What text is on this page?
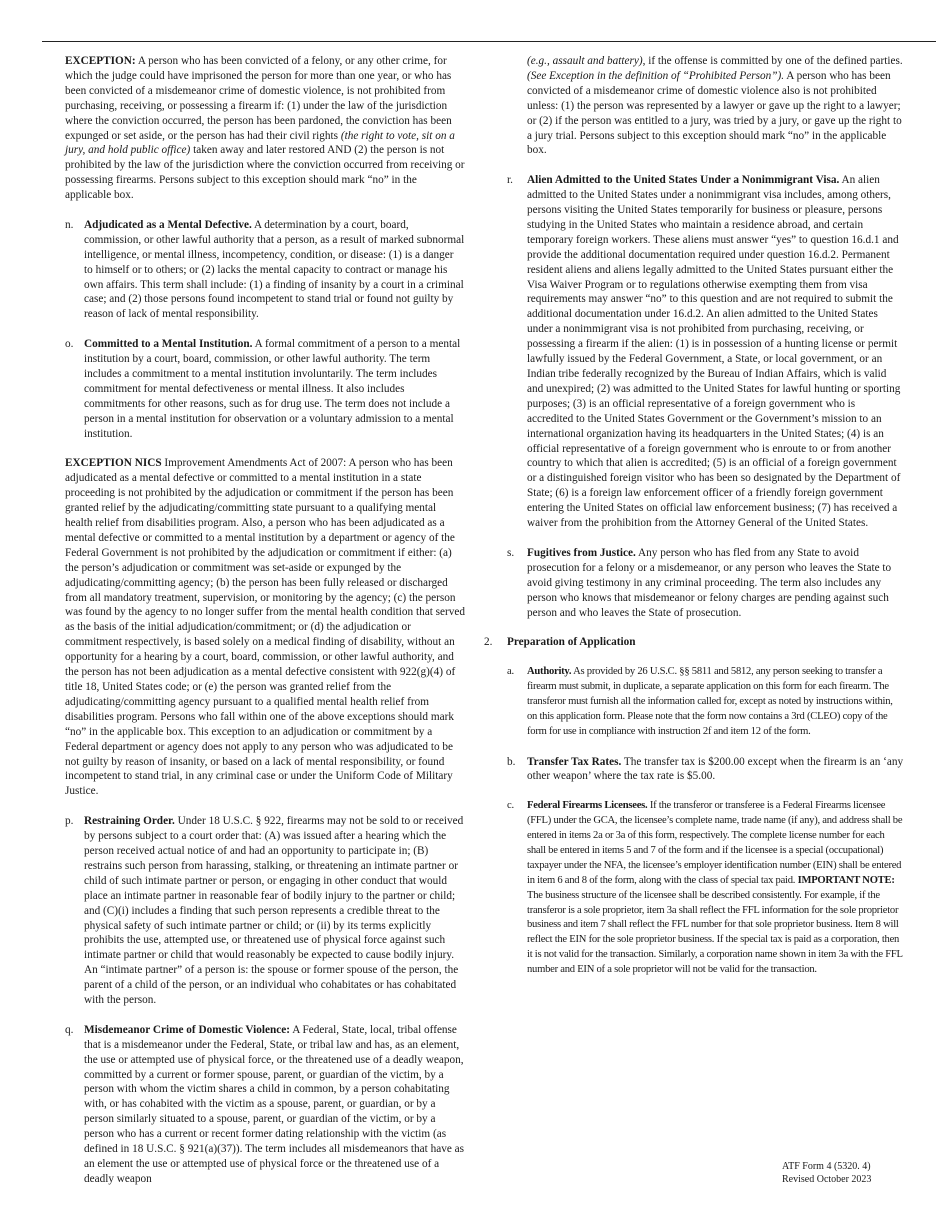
EXCEPTION: A person who has been convicted of a felony, or any other crime, for which the judge could have imprisoned the person for more than one year, or who has been convicted of a misdemeanor crime of domestic violence, is not prohibited from purchasing, receiving, or possessing a firearm if: (1) under the law of the jurisdiction where the conviction occurred, the person has been pardoned, the conviction has been expunged or set aside, or the person has had their civil rights (the right to vote, sit on a jury, and hold public office) taken away and later restored AND (2) the person is not prohibited by the law of the jurisdiction where the conviction occurred from receiving or possessing firearms. Persons subject to this exception should mark “no” in the applicable box.

n. Adjudicated as a Mental Defective. A determination by a court, board, commission, or other lawful authority that a person, as a result of marked subnormal intelligence, or mental illness, incompetency, condition, or disease: (1) is a danger to himself or to others; or (2) lacks the mental capacity to contract or manage his own affairs. This term shall include: (1) a finding of insanity by a court in a criminal case; and (2) those persons found incompetent to stand trial or found not guilty by reason of lack of mental responsibility.

o. Committed to a Mental Institution. A formal commitment of a person to a mental institution by a court, board, commission, or other lawful authority. The term includes a commitment to a mental institution involuntarily. The term includes commitment for mental defectiveness or mental illness. It also includes commitments for other reasons, such as for drug use. The term does not include a person in a mental institution for observation or a voluntary admission to a mental institution.

EXCEPTION NICS Improvement Amendments Act of 2007: A person who has been adjudicated as a mental defective or committed to a mental institution in a state proceeding is not prohibited by the adjudication or commitment if the person has been granted relief by the adjudicating/committing state pursuant to a qualifying mental health relief from disabilities program. Also, a person who has been adjudicated as a mental defective or committed to a mental institution by a department or agency of the Federal Government is not prohibited by the adjudication or commitment if either: (a) the person’s adjudication or commitment was set-aside or expunged by the adjudicating/committing agency; (b) the person has been fully released or discharged from all mandatory treatment, supervision, or monitoring by the agency; (c) the person was found by the agency to no longer suffer from the mental health condition that served as the basis of the initial adjudication/commitment; or (d) the adjudication or commitment respectively, is based solely on a medical finding of disability, without an opportunity for a hearing by a court, board, commission, or other lawful authority, and the person has not been adjudication as a mental defective consistent with 922(g)(4) of title 18, United States code; or (e) the person was granted relief from the adjudicating/committing agency pursuant to a qualified mental health relief from disabilities program. Persons who fall within one of the above exceptions should mark “no” in the applicable box. This exception to an adjudication or commitment by a Federal department or agency does not apply to any person who was adjudicated to be not guilty by reason of insanity, or based on a lack of mental responsibility, or found incompetent to stand trial, in any criminal case or under the Uniform Code of Military Justice.

p. Restraining Order. Under 18 U.S.C. § 922, firearms may not be sold to or received by persons subject to a court order that: (A) was issued after a hearing which the person received actual notice of and had an opportunity to participate in; (B) restrains such person from harassing, stalking, or threatening an intimate partner or child of such intimate partner or person, or engaging in other conduct that would place an intimate partner in reasonable fear of bodily injury to the partner or child; and (C)(i) includes a finding that such person represents a credible threat to the physical safety of such intimate partner or child; or (ii) by its terms explicitly prohibits the use, attempted use, or threatened use of physical force against such intimate partner or child that would reasonably be expected to cause bodily injury. An “intimate partner” of a person is: the spouse or former spouse of the person, the parent of a child of the person, or an individual who cohabitates or has cohabitated with the person.

q. Misdemeanor Crime of Domestic Violence: A Federal, State, local, tribal offense that is a misdemeanor under the Federal, State, or tribal law and has, as an element, the use or attempted use of physical force, or the threatened use of a deadly weapon, committed by a current or former spouse, parent, or guardian of the victim, by a person with whom the victim shares a child in common, by a person cohabitating with, or has cohabited with the victim as a spouse, parent, or guardian, or by a person similarly situated to a spouse, parent, or guardian of the victim, or by a person who has a current or recent former dating relationship with the victim (as defined in 18 U.S.C. § 921(a)(37)). The term includes all misdemeanors that have as an element the use or attempted use of physical force or the threatened use of a deadly weapon

(e.g., assault and battery), if the offense is committed by one of the defined parties. (See Exception in the definition of “Prohibited Person”). A person who has been convicted of a misdemeanor crime of domestic violence also is not prohibited unless: (1) the person was represented by a lawyer or gave up the right to a lawyer; or (2) if the person was entitled to a jury, was tried by a jury, or gave up the right to a jury trial. Persons subject to this exception should mark “no” in the applicable box.

r. Alien Admitted to the United States Under a Nonimmigrant Visa. An alien admitted to the United States under a nonimmigrant visa includes, among others, persons visiting the United States temporarily for business or pleasure, persons studying in the United States who maintain a residence abroad, and certain temporary foreign workers. These aliens must answer “yes” to question 16.d.1 and provide the additional documentation required under question 16.d.2. Permanent resident aliens and aliens legally admitted to the United States pursuant either the Visa Waiver Program or to regulations otherwise exempting them from visa requirements may answer “no” to this question and are not required to submit the additional documentation under 16.d.2. An alien admitted to the United States under a nonimmigrant visa is not prohibited from purchasing, receiving, or possessing a firearm if the alien: (1) is in possession of a hunting license or permit lawfully issued by the Federal Government, a State, or local government, or an Indian tribe federally recognized by the Bureau of Indian Affairs, which is valid and unexpired; (2) was admitted to the United States for lawful hunting or sporting purposes; (3) is an official representative of a foreign government who is accredited to the United States Government or the Government’s mission to an international organization having its headquarters in the United States; (4) is an official representative of a foreign government who is enroute to or from another country to which that alien is accredited; (5) is an official of a foreign government or a distinguished foreign visitor who has been so designated by the Department of State; (6) is a foreign law enforcement officer of a friendly foreign government entering the United States on official law enforcement business; (7) has received a waiver from the prohibition from the Attorney General of the United States.

s. Fugitives from Justice. Any person who has fled from any State to avoid prosecution for a felony or a misdemeanor, or any person who leaves the State to avoid giving testimony in any criminal proceeding. The term also includes any person who knows that misdemeanor or felony charges are pending against such person and who leaves the State of prosecution.

2. Preparation of Application

a. Authority. As provided by 26 U.S.C. §§ 5811 and 5812, any person seeking to transfer a firearm must submit, in duplicate, a separate application on this form for each firearm. The transferor must furnish all the information called for, except as noted by instructions within, on this application form. Please note that the form now contains a 3rd (CLEO) copy of the form for use in compliance with instruction 2f and item 12 of the form.

b. Transfer Tax Rates. The transfer tax is $200.00 except when the firearm is an ‘any other weapon’ where the tax rate is $5.00.

c. Federal Firearms Licensees. If the transferor or transferee is a Federal Firearms licensee (FFL) under the GCA, the licensee’s complete name, trade name (if any), and address shall be entered in items 2a or 3a of this form, respectively. The complete license number for each shall be entered in items 5 and 7 of the form and if the licensee is a special (occupational) taxpayer under the NFA, the licensee’s employer identification number (EIN) shall be entered in item 6 and 8 of the form, along with the class of special tax paid. IMPORTANT NOTE: The business structure of the licensee shall be described consistently. For example, if the transferor is a sole proprietor, item 3a shall reflect the FFL information for the sole proprietor business and item 7 shall reflect the FFL number for that sole proprietor business. Item 8 will reflect the EIN for the sole proprietor business. If the special tax is paid as a corporation, then it is not valid for the transaction. Similarly, a corporation name shown in item 3a with the FFL number and EIN of a sole proprietor will not be valid for the transaction.

ATF Form 4 (5320. 4)
Revised October 2023
